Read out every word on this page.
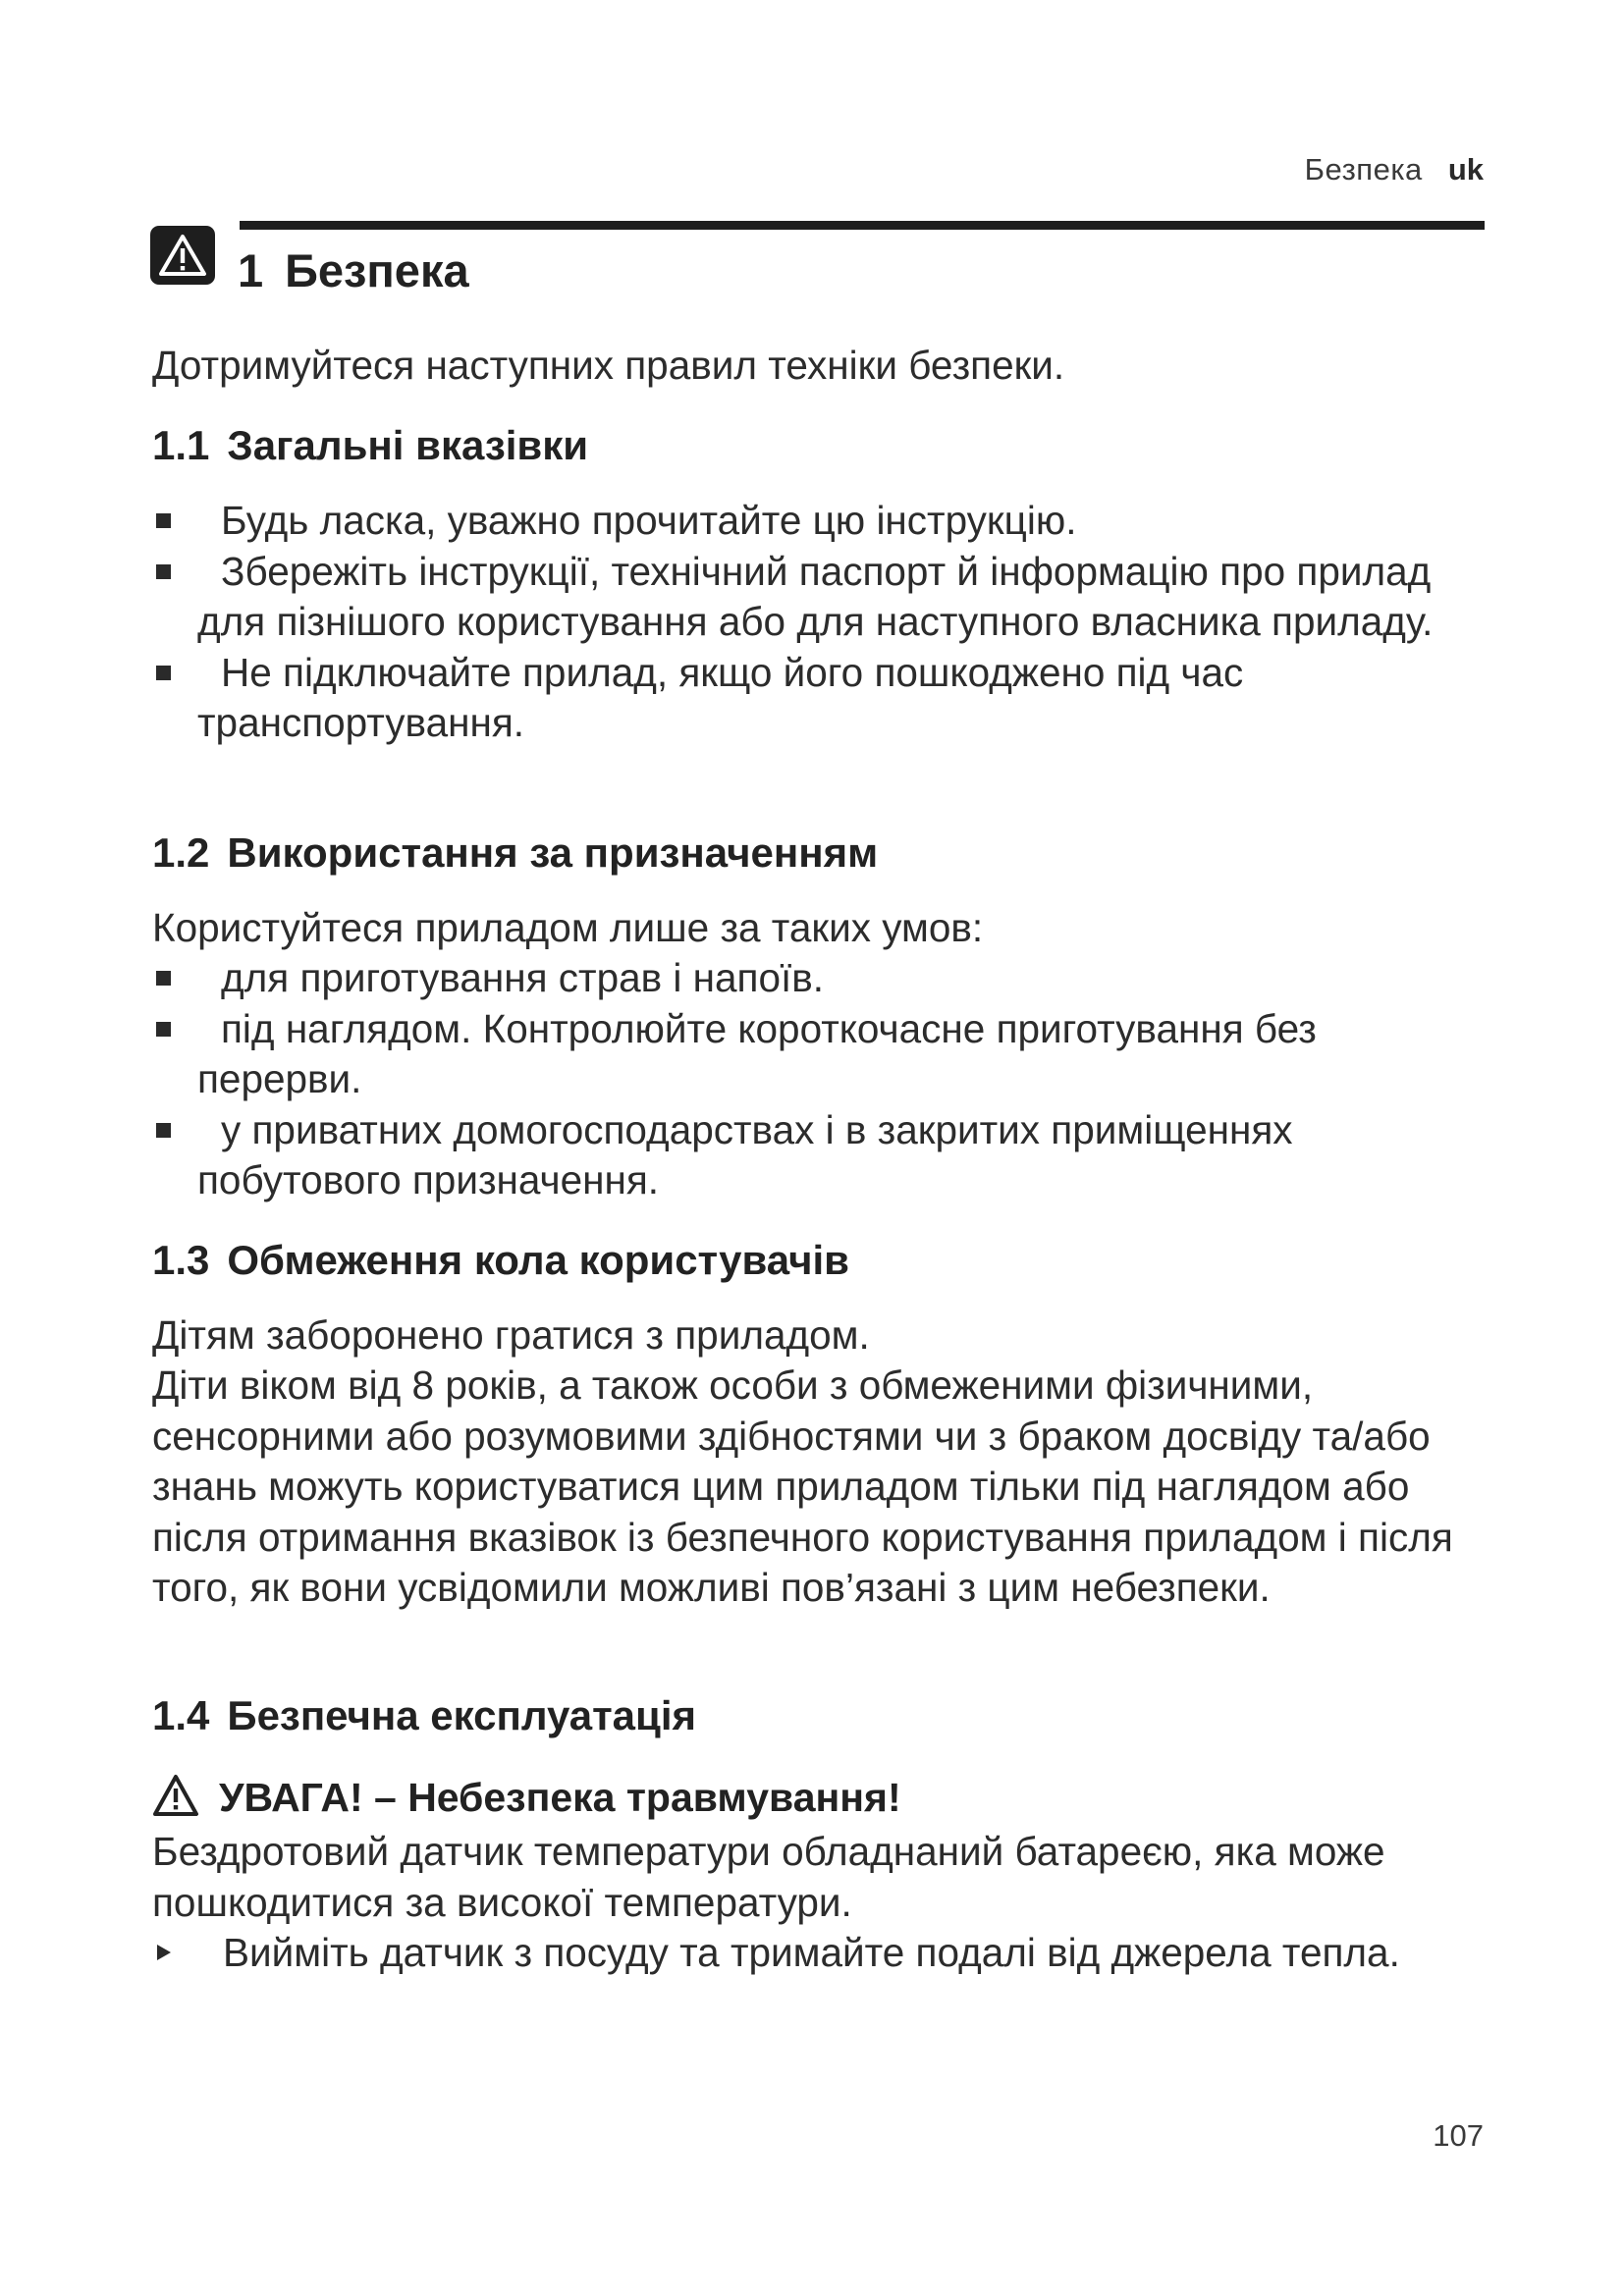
Безпека uk
1 Безпека

Дотримуйтеся наступних правил техніки безпеки.

1.1 Загальні вказівки
Будь ласка, уважно прочитайте цю інструкцію.
Збережіть інструкції, технічний паспорт й інформацію про прилад для пізнішого користування або для наступного власника приладу.
Не підключайте прилад, якщо його пошкоджено під час транспортування.
1.2 Використання за призначенням

Користуйтеся приладом лише за таких умов:

для приготування страв і напоїв.
під наглядом. Контролюйте короткочасне приготування без перерви.
у приватних домогосподарствах і в закритих приміщеннях побутового призначення.
1.3 Обмеження кола користувачів

Дітям заборонено гратися з приладом.

Діти віком від 8 років, а також особи з обмеженими фізичними, сенсорними або розумовими здібностями чи з браком досвіду та/або знань можуть користуватися цим приладом тільки під наглядом або після отримання вказівок із безпечного користування приладом і після того, як вони усвідомили можливі пов’язані з цим небезпеки.

1.4 Безпечна експлуатація
УВАГА! – Небезпека травмування!

Бездротовий датчик температури обладнаний батареєю, яка може пошкодитися за високої температури.

Вийміть датчик з посуду та тримайте подалі від джерела тепла.
107
